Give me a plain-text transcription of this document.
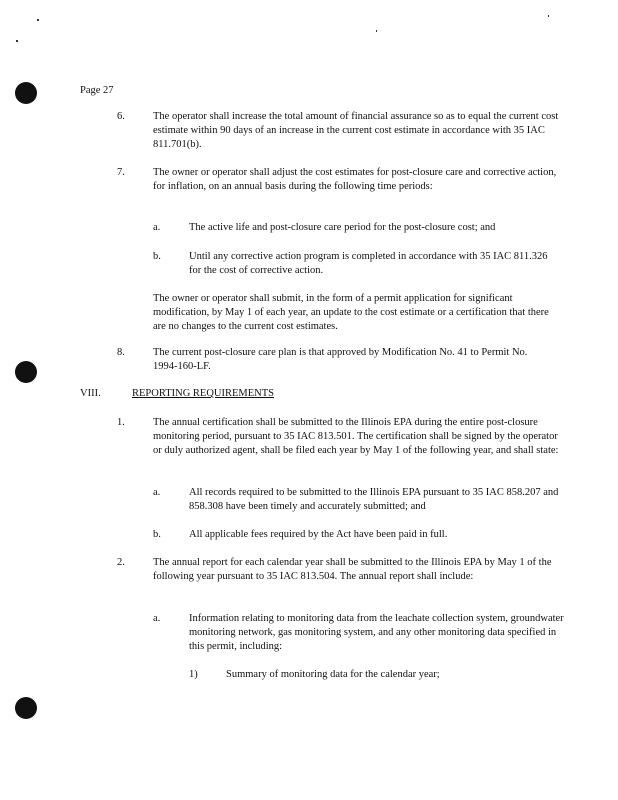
Page 27
6.	The operator shall increase the total amount of financial assurance so as to equal the current cost estimate within 90 days of an increase in the current cost estimate in accordance with 35 IAC 811.701(b).
7.	The owner or operator shall adjust the cost estimates for post-closure care and corrective action, for inflation, on an annual basis during the following time periods:
a.	The active life and post-closure care period for the post-closure cost; and
b.	Until any corrective action program is completed in accordance with 35 IAC 811.326 for the cost of corrective action.
The owner or operator shall submit, in the form of a permit application for significant modification, by May 1 of each year, an update to the cost estimate or a certification that there are no changes to the current cost estimates.
8.	The current post-closure care plan is that approved by Modification No. 41 to Permit No. 1994-160-LF.
VIII.	REPORTING REQUIREMENTS
1.	The annual certification shall be submitted to the Illinois EPA during the entire post-closure monitoring period, pursuant to 35 IAC 813.501. The certification shall be signed by the operator or duly authorized agent, shall be filed each year by May 1 of the following year, and shall state:
a.	All records required to be submitted to the Illinois EPA pursuant to 35 IAC 858.207 and 858.308 have been timely and accurately submitted; and
b.	All applicable fees required by the Act have been paid in full.
2.	The annual report for each calendar year shall be submitted to the Illinois EPA by May 1 of the following year pursuant to 35 IAC 813.504. The annual report shall include:
a.	Information relating to monitoring data from the leachate collection system, groundwater monitoring network, gas monitoring system, and any other monitoring data specified in this permit, including:
1)	Summary of monitoring data for the calendar year;
